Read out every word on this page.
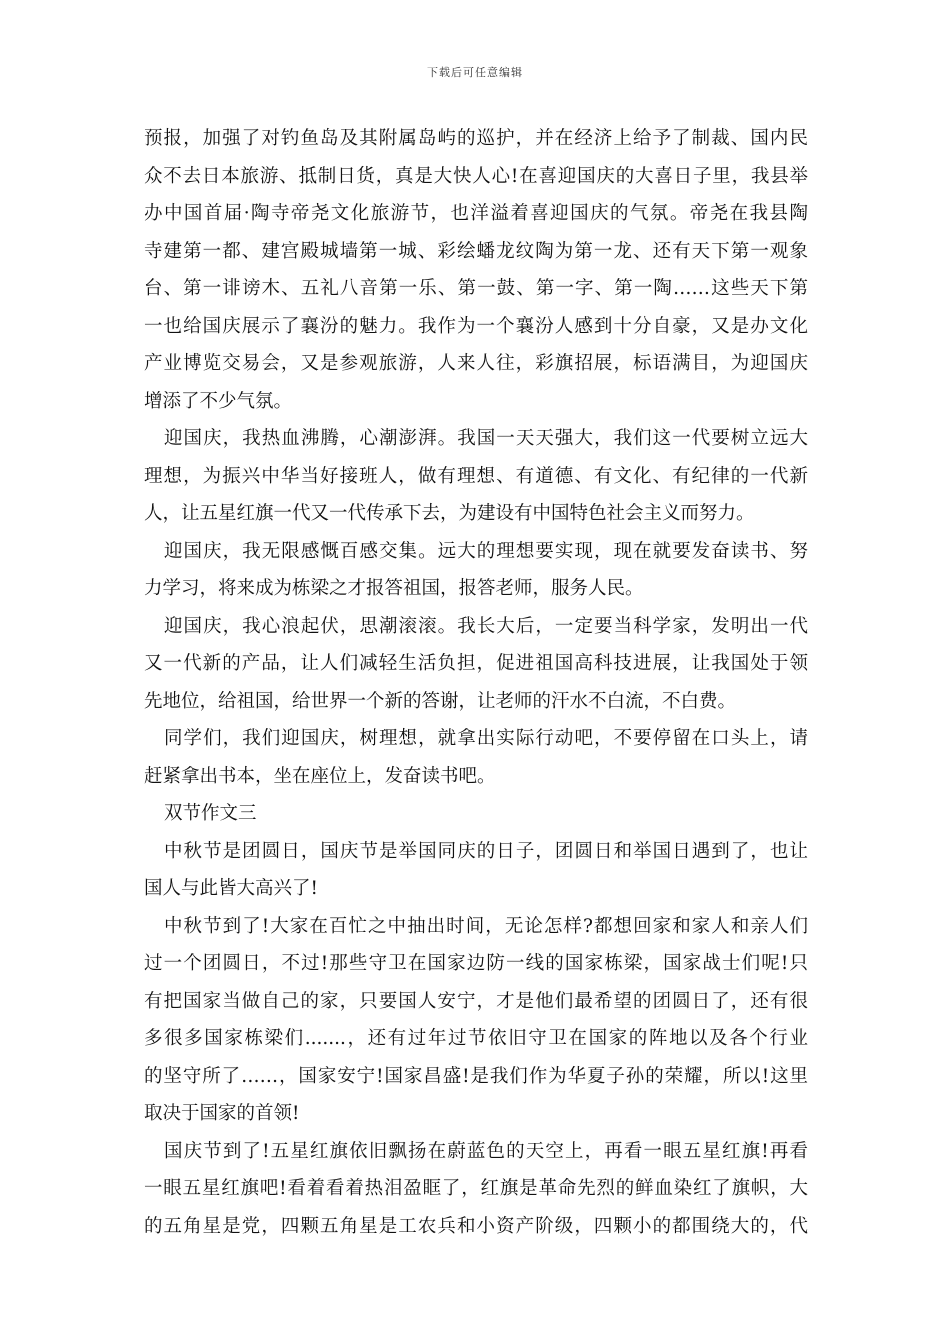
下载后可任意编辑
预报，加强了对钓鱼岛及其附属岛屿的巡护，并在经济上给予了制裁、国内民
众不去日本旅游、抵制日货，真是大快人心!在喜迎国庆的大喜日子里，我县举
办中国首届·陶寺帝尧文化旅游节，也洋溢着喜迎国庆的气氛。帝尧在我县陶
寺建第一都、建宫殿城墙第一城、彩绘蟠龙纹陶为第一龙、还有天下第一观象
台、第一诽谤木、五礼八音第一乐、第一鼓、第一字、第一陶……这些天下第
一也给国庆展示了襄汾的魅力。我作为一个襄汾人感到十分自豪，又是办文化
产业博览交易会，又是参观旅游，人来人往，彩旗招展，标语满目，为迎国庆
增添了不少气氛。
迎国庆，我热血沸腾，心潮澎湃。我国一天天强大，我们这一代要树立远大
理想，为振兴中华当好接班人，做有理想、有道德、有文化、有纪律的一代新
人，让五星红旗一代又一代传承下去，为建设有中国特色社会主义而努力。
迎国庆，我无限感慨百感交集。远大的理想要实现，现在就要发奋读书、努
力学习，将来成为栋梁之才报答祖国，报答老师，服务人民。
迎国庆，我心浪起伏，思潮滚滚。我长大后，一定要当科学家，发明出一代
又一代新的产品，让人们减轻生活负担，促进祖国高科技进展，让我国处于领
先地位，给祖国，给世界一个新的答谢，让老师的汗水不白流，不白费。
同学们，我们迎国庆，树理想，就拿出实际行动吧，不要停留在口头上，请
赶紧拿出书本，坐在座位上，发奋读书吧。
双节作文三
中秋节是团圆日，国庆节是举国同庆的日子，团圆日和举国日遇到了，也让
国人与此皆大高兴了!
中秋节到了!大家在百忙之中抽出时间，无论怎样?都想回家和家人和亲人们
过一个团圆日，不过!那些守卫在国家边防一线的国家栋梁，国家战士们呢!只
有把国家当做自己的家，只要国人安宁，才是他们最希望的团圆日了，还有很
多很多国家栋梁们.......，还有过年过节依旧守卫在国家的阵地以及各个行业
的坚守所了……，国家安宁!国家昌盛!是我们作为华夏子孙的荣耀，所以!这里
取决于国家的首领!
国庆节到了!五星红旗依旧飘扬在蔚蓝色的天空上，再看一眼五星红旗!再看
一眼五星红旗吧!看着看着热泪盈眶了，红旗是革命先烈的鲜血染红了旗帜，大
的五角星是党，四颗五角星是工农兵和小资产阶级，四颗小的都围绕大的，代
